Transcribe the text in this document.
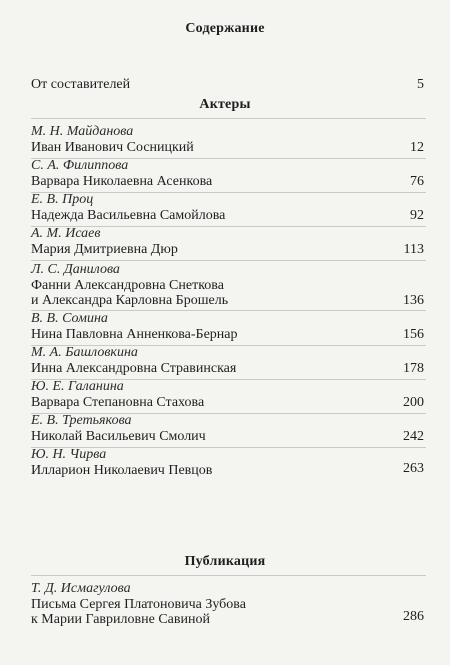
Содержание
От составителей	5
Актеры
М. Н. Майданова
Иван Иванович Сосницкий	12
С. А. Филиппова
Варвара Николаевна Асенкова	76
Е. В. Проц
Надежда Васильевна Самойлова	92
А. М. Исаев
Мария Дмитриевна Дюр	113
Л. С. Данилова
Фанни Александровна Снеткова
и Александра Карловна Брошель	136
В. В. Сомина
Нина Павловна Анненкова-Бернар	156
М. А. Башловкина
Инна Александровна Стравинская	178
Ю. Е. Галанина
Варвара Степановна Стахова	200
Е. В. Третьякова
Николай Васильевич Смолич	242
Ю. Н. Чирва
Илларион Николаевич Певцов	263
Публикация
Т. Д. Исмагулова
Письма Сергея Платоновича Зубова
к Марии Гавриловне Савиной	286
